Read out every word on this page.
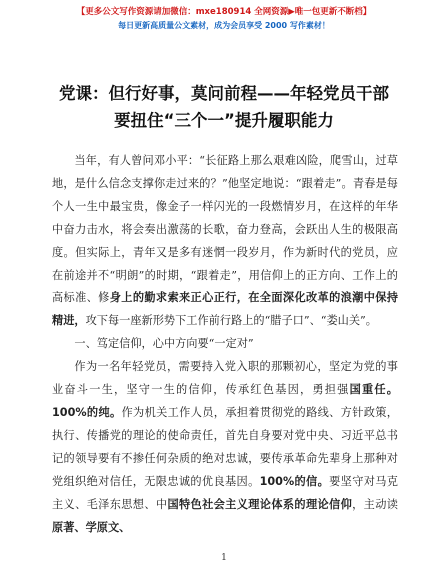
【更多公文写作资源请加微信：mxe180914 全网资源▶唯一包更新不断档】
每日更新高质量公文素材，成为会员享受 2000 写作素材！
党课：但行好事，莫问前程——年轻党员干部
要扭住“三个一”提升履职能力

当年，有人曾问邓小平：“长征路上那么艰难凶险，爬雪山，过草地，是什么信念支撑你走过来的？”他坚定地说：“跟着走”。青春是每个人一生中最宝贵，像金子一样闪光的一段燃情岁月，在这样的年华中奋力击水，将会奏出激荡的长歌，奋力登高，会跃出人生的极限高度。但实际上，青年又是多有迷惘一段岁月，作为新时代的党员，应在前途并不“明朗”的时期，“跟着走”，用信仰上的正方向、工作上的高标准、修身上的勤求索来正心正行，在全面深化改革的浪潮中保持精进，攻下每一座新形势下工作前行路上的“腊子口”、“娄山关”。

一、笃定信仰，心中方向要“一定对”

作为一名年轻党员，需要持入党入职的那颗初心，坚定为党的事业奋斗一生，坚守一生的信仰，传承红色基因，勇担强国重任。100%的纯。作为机关工作人员，承担着贯彻党的路线、方针政策，执行、传播党的理论的使命责任，首先自身要对党中央、习近平总书记的领导要有不掺任何杂质的绝对忠诚，要传承革命先辈身上那种对党组织绝对信任，无限忠诚的优良基因。100%的信。要坚守对马克主义、毛泽东思想、中国特色社会主义理论体系的理论信仰，主动读原著、学原文、

1
